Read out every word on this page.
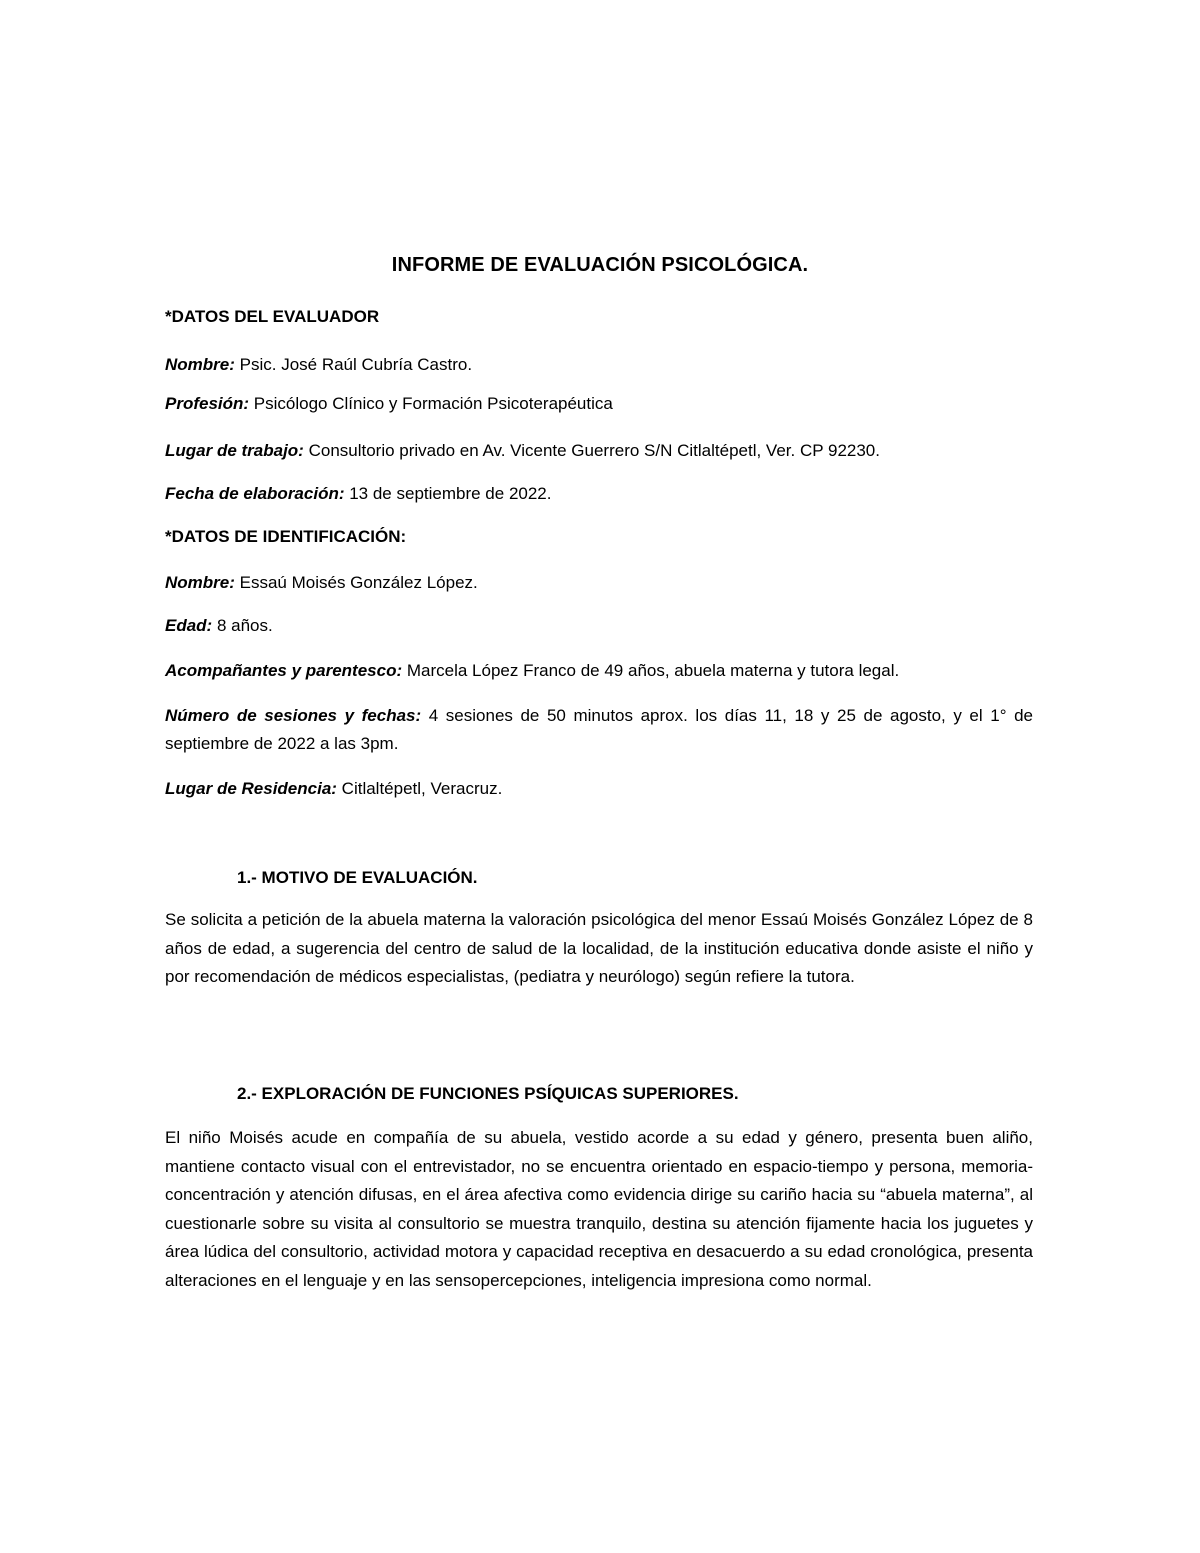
INFORME DE EVALUACIÓN PSICOLÓGICA.

*DATOS DEL EVALUADOR

Nombre: Psic. José Raúl Cubría Castro.

Profesión: Psicólogo Clínico y Formación Psicoterapéutica

Lugar de trabajo: Consultorio privado en Av. Vicente Guerrero S/N Citlaltépetl, Ver. CP 92230.

Fecha de elaboración: 13 de septiembre de 2022.

*DATOS DE IDENTIFICACIÓN:

Nombre: Essaú Moisés González López.

Edad: 8 años.

Acompañantes y parentesco: Marcela López Franco de 49 años, abuela materna y tutora legal.

Número de sesiones y fechas: 4 sesiones de 50 minutos aprox. los días 11, 18 y 25 de agosto, y el 1° de septiembre de 2022 a las 3pm.

Lugar de Residencia: Citlaltépetl, Veracruz.

1.- MOTIVO DE EVALUACIÓN.

Se solicita a petición de la abuela materna la valoración psicológica del menor Essaú Moisés González López de 8 años de edad, a sugerencia del centro de salud de la localidad, de la institución educativa donde asiste el niño y por recomendación de médicos especialistas, (pediatra y neurólogo) según refiere la tutora.

2.- EXPLORACIÓN DE FUNCIONES PSÍQUICAS SUPERIORES.

El niño Moisés acude en compañía de su abuela, vestido acorde a su edad y género, presenta buen aliño, mantiene contacto visual con el entrevistador, no se encuentra orientado en espacio-tiempo y persona, memoria-concentración y atención difusas, en el área afectiva como evidencia dirige su cariño hacia su “abuela materna”, al cuestionarle sobre su visita al consultorio se muestra tranquilo, destina su atención fijamente hacia los juguetes y área lúdica del consultorio, actividad motora y capacidad receptiva en desacuerdo a su edad cronológica, presenta alteraciones en el lenguaje y en las sensopercepciones, inteligencia impresiona como normal.
